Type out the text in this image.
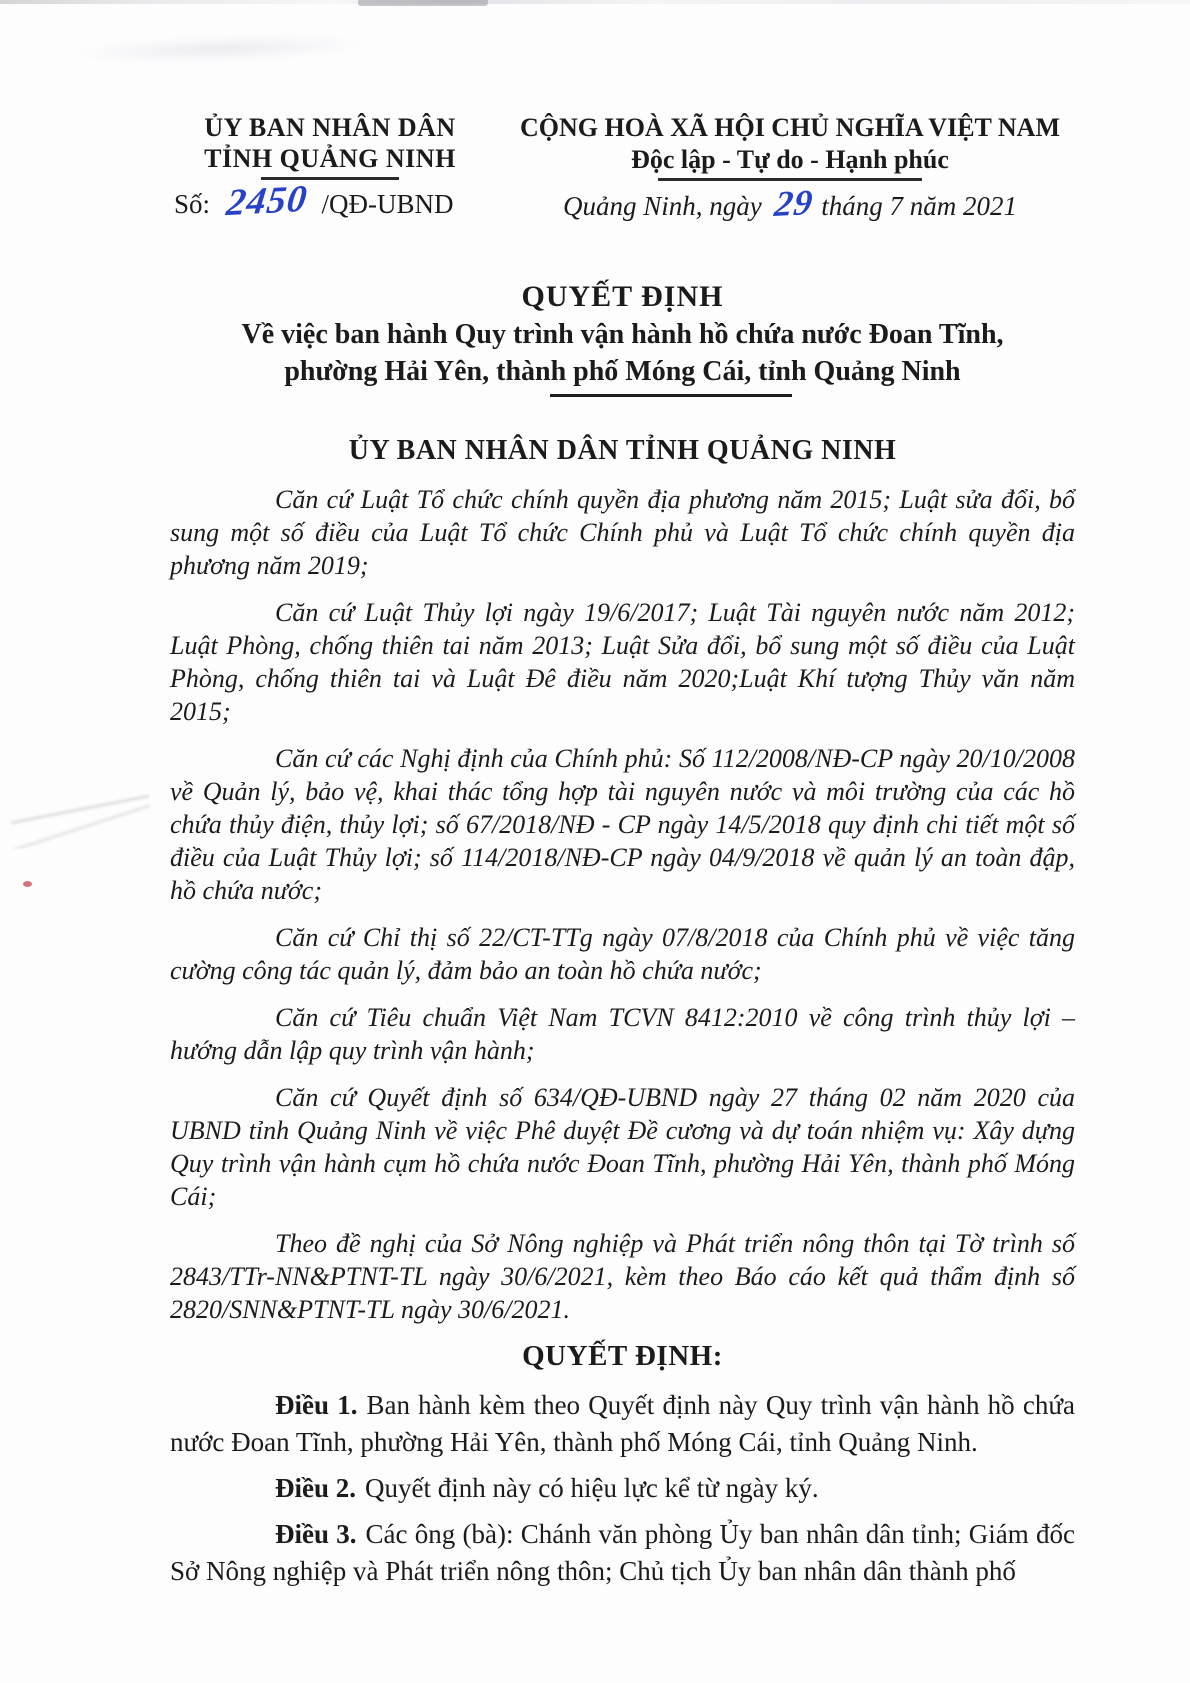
ỦY BAN NHÂN DÂN
TỈNH QUẢNG NINH
Số: 2450 /QĐ-UBND
CỘNG HOÀ XÃ HỘI CHỦ NGHĨA VIỆT NAM
Độc lập - Tự do - Hạnh phúc
Quảng Ninh, ngày 29 tháng 7 năm 2021
QUYẾT ĐỊNH
Về việc ban hành Quy trình vận hành hồ chứa nước Đoan Tĩnh,
phường Hải Yên, thành phố Móng Cái, tỉnh Quảng Ninh
ỦY BAN NHÂN DÂN TỈNH QUẢNG NINH

Căn cứ Luật Tổ chức chính quyền địa phương năm 2015; Luật sửa đổi, bổ sung một số điều của Luật Tổ chức Chính phủ và Luật Tổ chức chính quyền địa phương năm 2019;

Căn cứ Luật Thủy lợi ngày 19/6/2017; Luật Tài nguyên nước năm 2012; Luật Phòng, chống thiên tai năm 2013; Luật Sửa đổi, bổ sung một số điều của Luật Phòng, chống thiên tai và Luật Đê điều năm 2020;Luật Khí tượng Thủy văn năm 2015;

Căn cứ các Nghị định của Chính phủ: Số 112/2008/NĐ-CP ngày 20/10/2008 về Quản lý, bảo vệ, khai thác tổng hợp tài nguyên nước và môi trường của các hồ chứa thủy điện, thủy lợi; số 67/2018/NĐ - CP ngày 14/5/2018 quy định chi tiết một số điều của Luật Thủy lợi; số 114/2018/NĐ-CP ngày 04/9/2018 về quản lý an toàn đập, hồ chứa nước;

Căn cứ Chỉ thị số 22/CT-TTg ngày 07/8/2018 của Chính phủ về việc tăng cường công tác quản lý, đảm bảo an toàn hồ chứa nước;

Căn cứ Tiêu chuẩn Việt Nam TCVN 8412:2010 về công trình thủy lợi – hướng dẫn lập quy trình vận hành;

Căn cứ Quyết định số 634/QĐ-UBND ngày 27 tháng 02 năm 2020 của UBND tỉnh Quảng Ninh về việc Phê duyệt Đề cương và dự toán nhiệm vụ: Xây dựng Quy trình vận hành cụm hồ chứa nước Đoan Tĩnh, phường Hải Yên, thành phố Móng Cái;

Theo đề nghị của Sở Nông nghiệp và Phát triển nông thôn tại Tờ trình số 2843/TTr-NN&PTNT-TL ngày 30/6/2021, kèm theo Báo cáo kết quả thẩm định số 2820/SNN&PTNT-TL ngày 30/6/2021.

QUYẾT ĐỊNH:

Điều 1. Ban hành kèm theo Quyết định này Quy trình vận hành hồ chứa nước Đoan Tĩnh, phường Hải Yên, thành phố Móng Cái, tỉnh Quảng Ninh.

Điều 2. Quyết định này có hiệu lực kể từ ngày ký.

Điều 3. Các ông (bà): Chánh văn phòng Ủy ban nhân dân tỉnh; Giám đốc Sở Nông nghiệp và Phát triển nông thôn; Chủ tịch Ủy ban nhân dân thành phố
